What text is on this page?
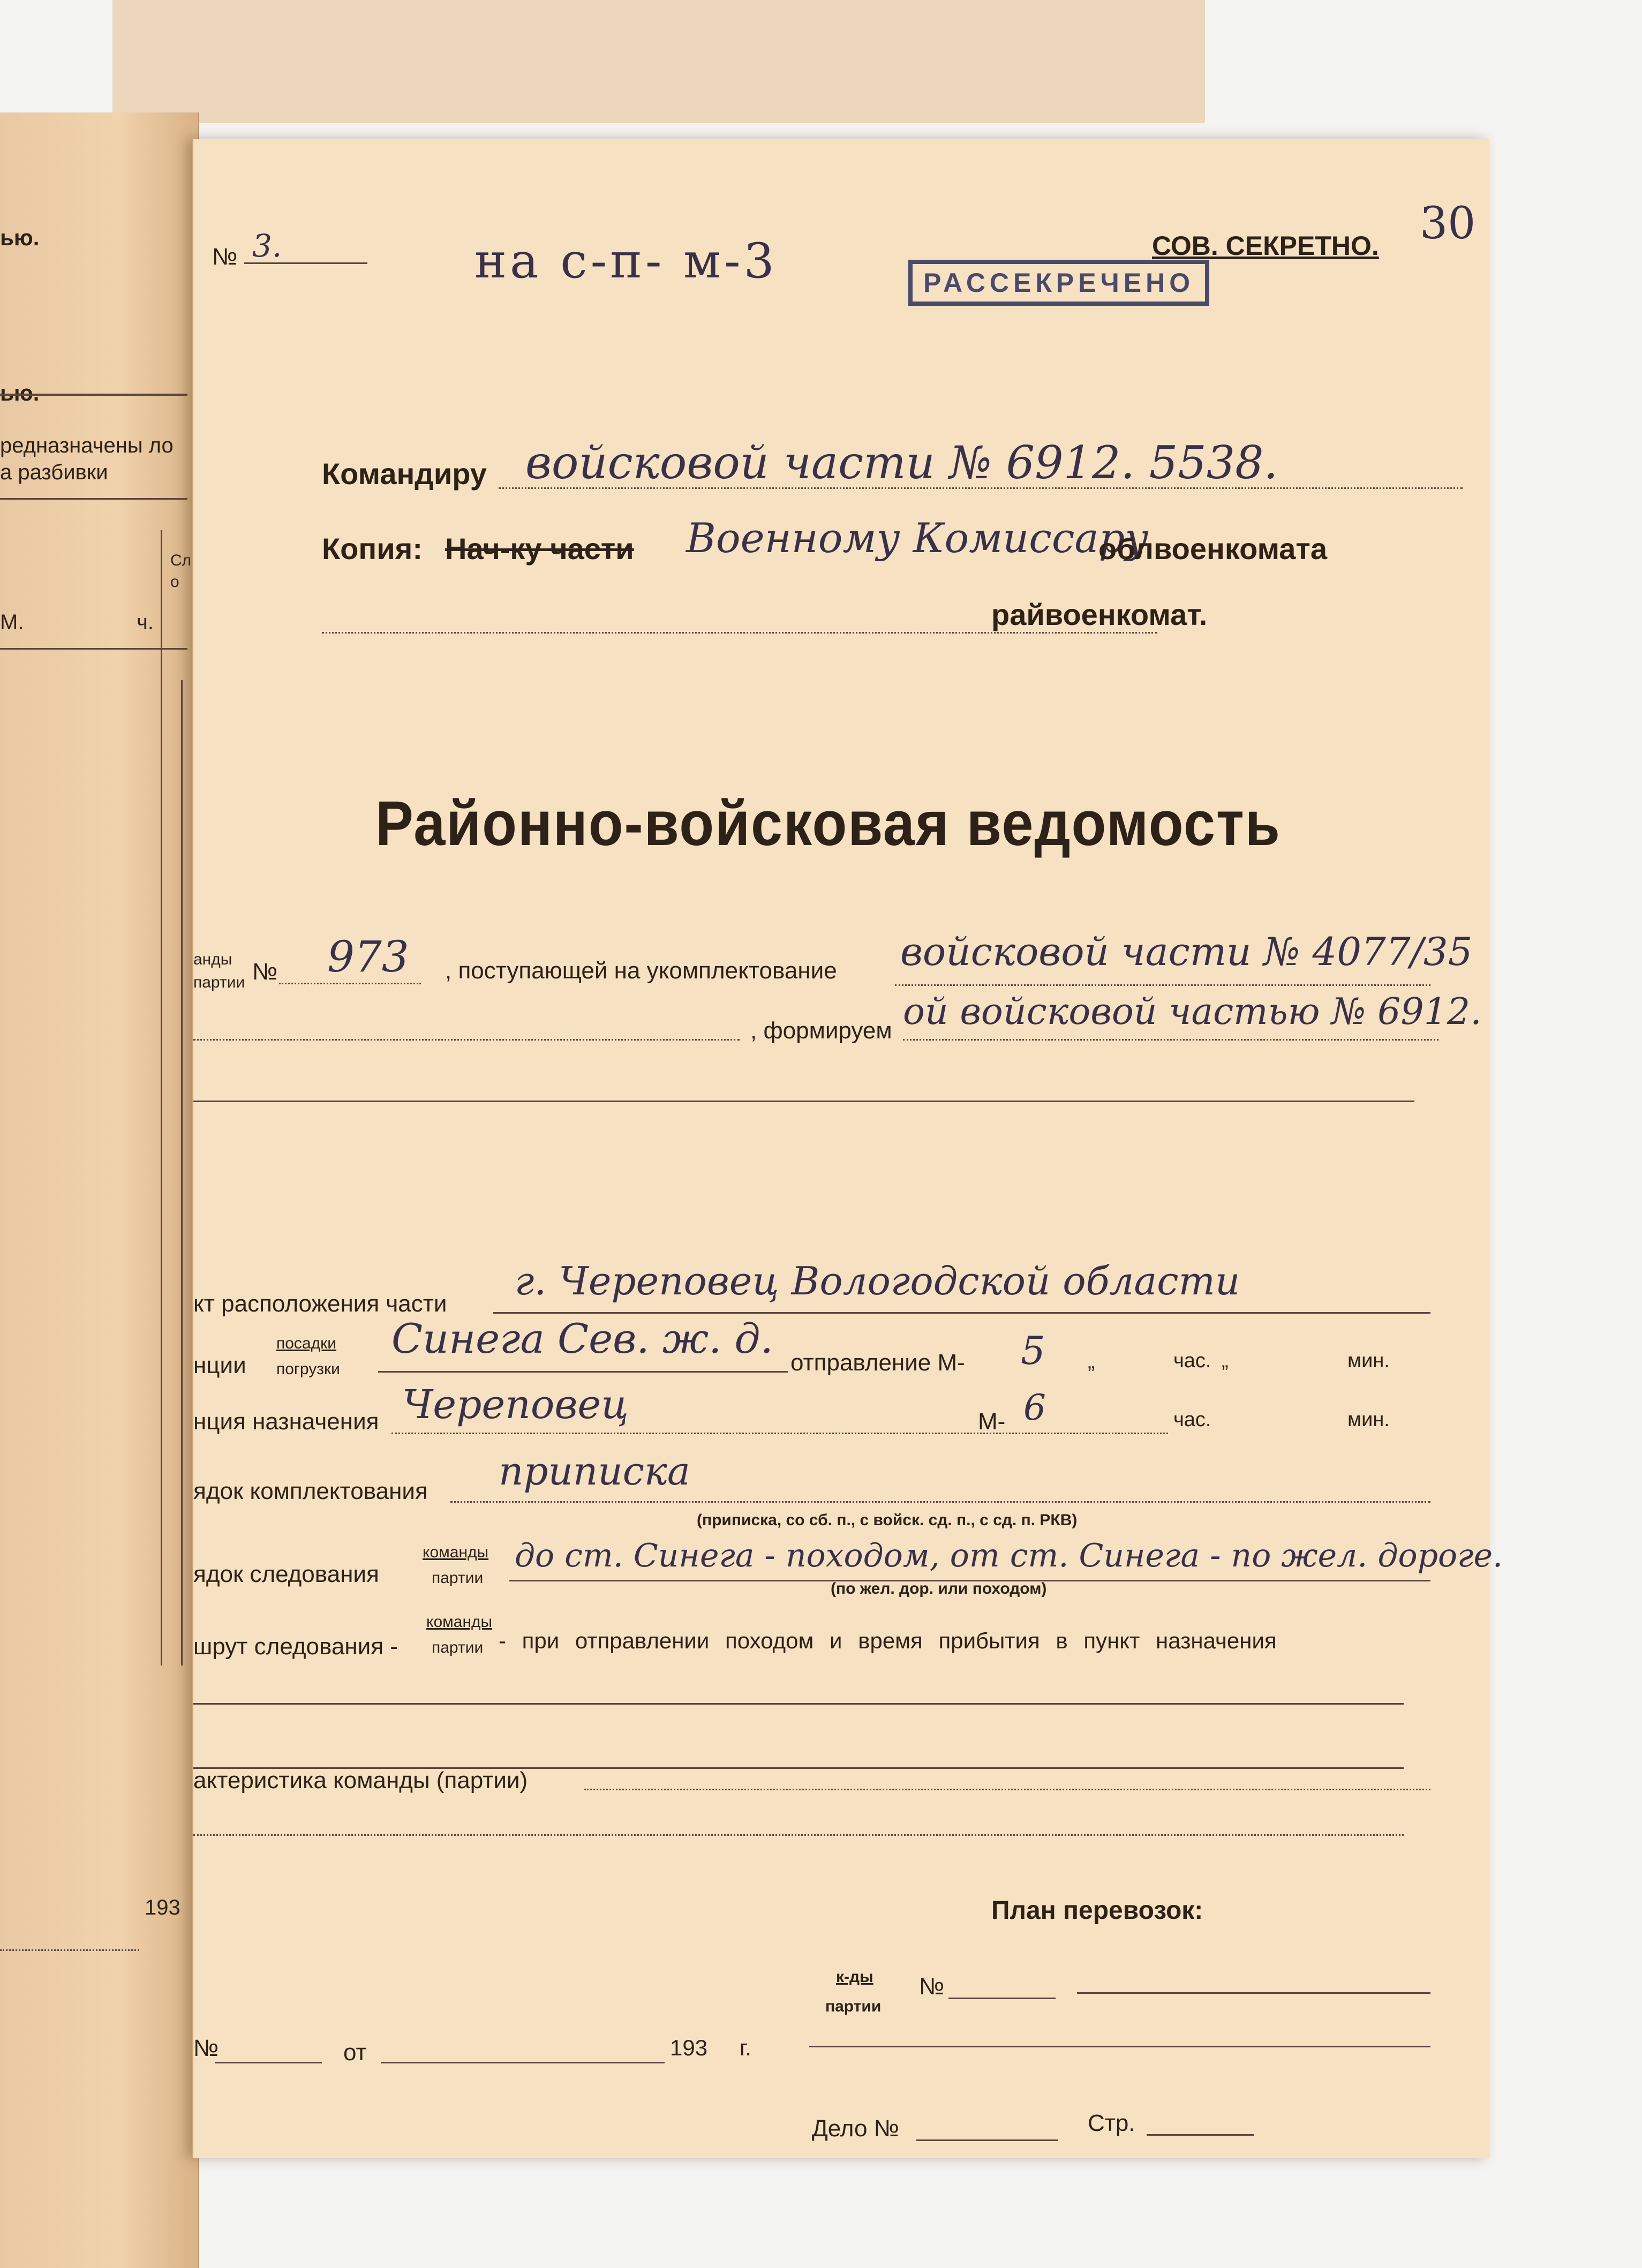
ью.
ью.
редназначены ло
а разбивки
М.	ч.
Сл
о
193
№ 3.	на с-п- м-3	РАССЕКРЕЧЕНО
СОВ. СЕКРЕТНО. 30
Командиру войсковой части № 6912. 5538.
Копия: Нач-ку части Военному Комиссару
облвоенкомата
райвоенкомат.
Районно-войсковая ведомость
анды
партии № 973 , поступающей на укомплектование войсковой части № 4077/35
, формируем ой войсковой частью № 6912.
кт расположения части
г. Череповец Вологодской области
нции
посадки
погрузки
Синега Сев. ж. д.
отправление М- 5 „	час. „	мин.
нция назначения Череповец	М- 6	час.	мин.
ядок комплектования приписка
(приписка, со сб. п., с войск. сд. п., с сд. п. РКВ)
ядок следования
команды
партии
до ст. Синега - походом, от ст. Синега - по жел. дороге.
(по жел. дор. или походом)
шрут следования -
команды
партии - при отправлении походом и время прибытия в пункт назначения
актеристика команды (партии)
План перевозок:
к-ды
партии
№
№	от	193 г.
Дело №	Стр.
